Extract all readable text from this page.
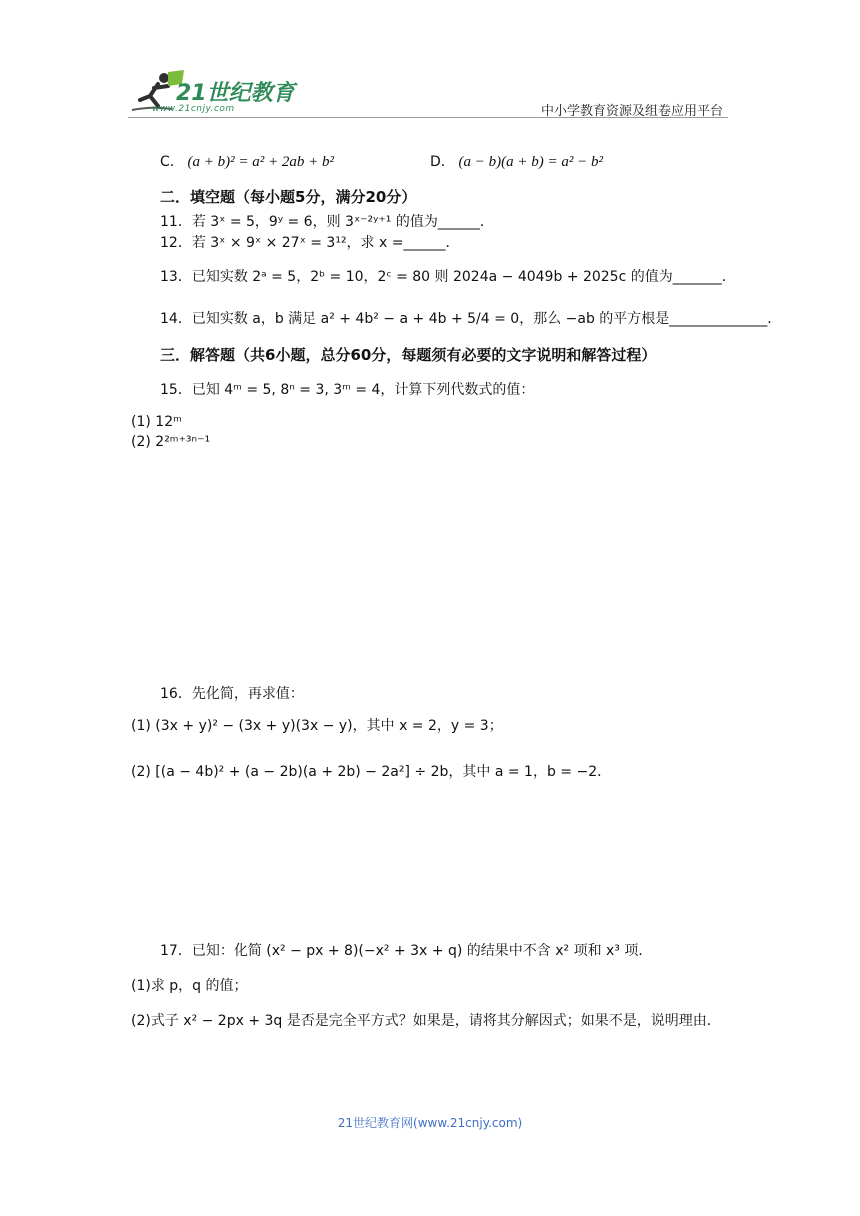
21世纪教育
www.21cnjy.com	中小学教育资源及组卷应用平台
C． (a + b)² = a² + 2ab + b²	D． (a − b)(a + b) = a² − b²
二．填空题（每小题5分，满分20分）
11．若 3ˣ = 5，9ʸ = 6，则 3ˣ⁻²ʸ⁺¹ 的值为______．
12．若 3ˣ × 9ˣ × 27ˣ = 3¹²，求 x =______．
13．已知实数 2ᵃ = 5，2ᵇ = 10，2ᶜ = 80 则 2024a − 4049b + 2025c 的值为_______．
14．已知实数 a，b 满足 a² + 4b² − a + 4b + 5/4 = 0，那么 −ab 的平方根是______________．
三．解答题（共6小题，总分60分，每题须有必要的文字说明和解答过程）
15．已知 4ᵐ = 5, 8ⁿ = 3, 3ᵐ = 4，计算下列代数式的值：
(1) 12ᵐ
(2) 2²ᵐ⁺³ⁿ⁻¹
16．先化简，再求值：
(1) (3x + y)² − (3x + y)(3x − y)，其中 x = 2，y = 3；
(2) [(a − 4b)² + (a − 2b)(a + 2b) − 2a²] ÷ 2b，其中 a = 1，b = −2．
17．已知：化简 (x² − px + 8)(−x² + 3x + q) 的结果中不含 x² 项和 x³ 项．
(1)求 p，q 的值；
(2)式子 x² − 2px + 3q 是否是完全平方式？如果是，请将其分解因式；如果不是，说明理由．
21世纪教育网(www.21cnjy.com)
